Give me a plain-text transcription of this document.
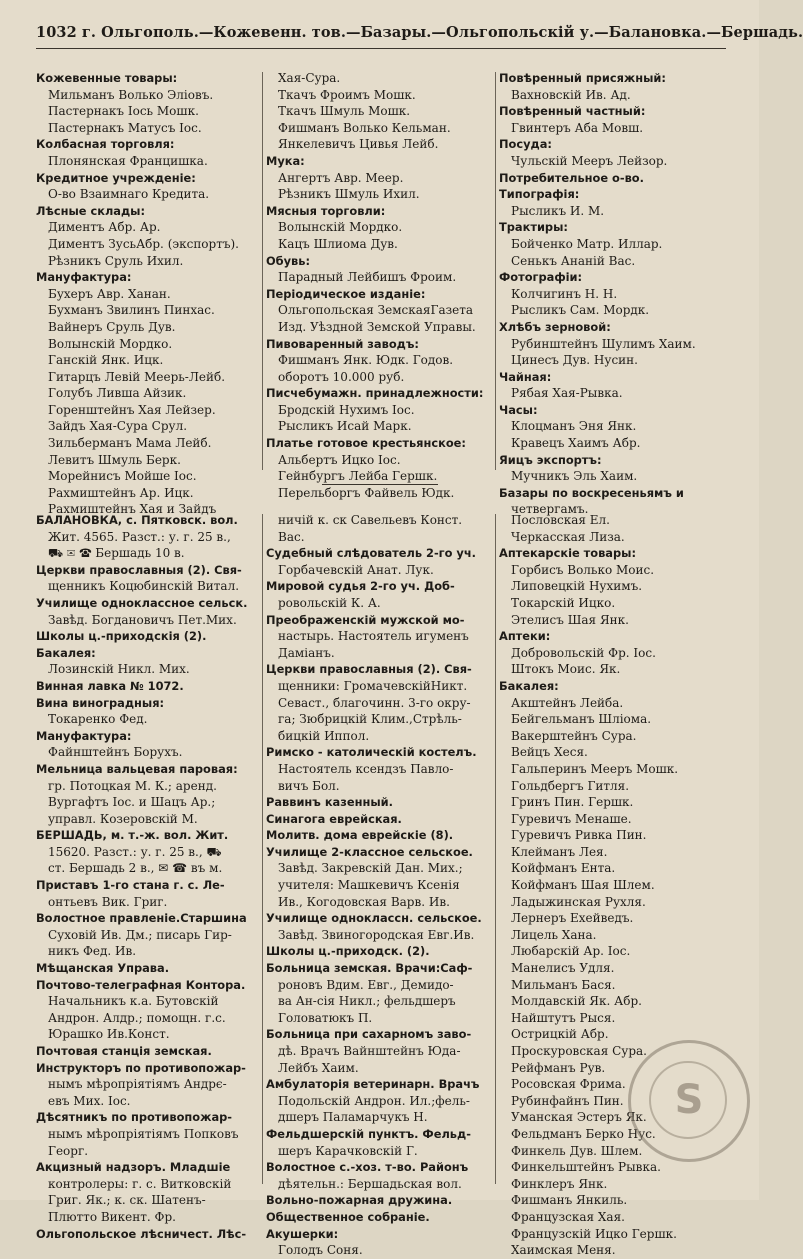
1032 г. Ольгополь.—Кожевенн. тов.—Базары.—Ольгопольскій у.—Балановка.—Бершадь.
Кожевенные товары:
Мильманъ Волько Эліовъ.
Пастернакъ Іось Мошк.
Пастернакъ Матусъ Іос.
Колбасная торговля:
Плонянская Францишка.
Кредитное учрежденіе:
О-во Взаимнаго Кредита.
Лѣсные склады:
Диментъ Абр. Ар.
Диментъ ЗусьАбр. (экспортъ).
Рѣзникъ Сруль Ихил.
Мануфактура:
Бухеръ Авр. Ханан.
Бухманъ Звилинъ Пинхас.
Вайнеръ Сруль Дув.
Волынскій Мордко.
Ганскій Янк. Ицк.
Гитарцъ Левій Меерь-Лейб.
Голубъ Ливша Айзик.
Горенштейнъ Хая Лейзер.
Зайдъ Хая-Сура Срул.
Зильберманъ Мама Лейб.
Левитъ Шмуль Берк.
Морейнисъ Мойше Іос.
Рахмиштейнъ Ар. Ицк.
Рахмиштейнъ Хая и Зайдъ
Хая-Сура.
Ткачъ Фроимъ Мошк.
Ткачъ Шмуль Мошк.
Фишманъ Волько Кельман.
Янкелевичъ Цивья Лейб.
Мука:
Ангертъ Авр. Меер.
Рѣзникъ Шмуль Ихил.
Мясныя торговли:
Волынскій Мордко.
Кацъ Шлиома Дув.
Обувь:
Парадный Лейбишъ Фроим.
Періодическое изданіе:
Ольгопольская ЗемскаяГазета
Изд. Уѣздной Земской Управы.
Пивоваренный заводъ:
Фишманъ Янк. Юдк. Годов.
оборотъ 10.000 руб.
Писчебумажн. принадлежности:
Бродскій Нухимъ Іос.
Рысликъ Исай Марк.
Платье готовое крестьянское:
Альбертъ Ицко Іос.
Гейнбургъ Лейба Гершк.
Перельборгъ Файвель Юдк.
Повѣренный присяжный:
Вахновскій Ив. Ад.
Повѣренный частный:
Гвинтеръ Аба Мовш.
Посуда:
Чульскій Мееръ Лейзор.
Потребительное о-во.
Типографія:
Рысликъ И. М.
Трактиры:
Бойченко Матр. Иллар.
Сенькъ Ананій Вас.
Фотографіи:
Колчигинъ Н. Н.
Рысликъ Сам. Мордк.
Хлѣбъ зерновой:
Рубинштейнъ Шулимъ Хаим.
Цинесъ Дув. Нусин.
Чайная:
Рябая Хая-Рывка.
Часы:
Клоцманъ Эня Янк.
Кравецъ Хаимъ Абр.
Яицъ экспортъ:
Мучникъ Эль Хаим.
Базары по воскресеньямъ и
четвергамъ.
БАЛАНОВКА, с. Пятковск. вол.
Жит. 4565. Разст.: у. г. 25 в.,
⛟ ✉ ☎ Бершадь 10 в.
Церкви православныя (2). Свя-
щенникъ Коцюбинскій Витал.
Училище одноклассное сельск.
Завѣд. Богдановичъ Пет.Мих.
Школы ц.-приходскія (2).
Бакалея:
Лозинскій Никл. Мих.
Винная лавка № 1072.
Вина виноградныя:
Токаренко Фед.
Мануфактура:
Файнштейнъ Борухъ.
Мельница вальцевая паровая:
гр. Потоцкая М. К.; аренд.
Вургафтъ Іос. и Шацъ Ар.;
управл. Козеровскій М.
БЕРШАДЬ, м. т.-ж. вол. Жит.
15620. Разст.: у. г. 25 в., ⛟
ст. Бершадь 2 в., ✉ ☎ въ м.
Приставъ 1-го стана г. с. Ле-
онтьевъ Вик. Григ.
Волостное правленіе.Старшина
Суховій Ив. Дм.; писарь Гир-
никъ Фед. Ив.
Мѣщанская Управа.
Почтово-телеграфная Контора.
Начальникъ к.а. Бутовскій
Андрон. Алдр.; помощн. г.с.
Юрашко Ив.Конст.
Почтовая станція земская.
Инструкторъ по противопожар-
нымъ мѣропріятіямъ Андрє-
евъ Мих. Іос.
Дѣсятникъ по противопожар-
нымъ мѣропріятіямъ Попковъ
Георг.
Акцизный надзоръ. Младшіе
контролеры: г. с. Витковскій
Григ. Як.; к. ск. Шатенъ-
Плютто Викент. Фр.
Ольгопольское лѣсничест. Лѣс-
ничій к. ск Савельевъ Конст.
Вас.
Судебный слѣдователь 2-го уч.
Горбачевскій Анат. Лук.
Мировой судья 2-го уч. Доб-
ровольскій К. А.
Преображенскій мужской мо-
настырь. Настоятель игуменъ
Даміанъ.
Церкви православныя (2). Свя-
щенники: ГромачевскійНикт.
Севаст., благочинн. 3-го окру-
га; Зюбрицкій Клим.,Стрѣль-
бицкій Иппол.
Римско - католическій костелъ.
Настоятель ксендзъ Павло-
вичъ Бол.
Раввинъ казенный.
Синагога еврейская.
Молитв. дома еврейскіе (8).
Училище 2-классное сельское.
Завѣд. Закревскій Дан. Мих.;
учителя: Машкевичъ Ксенія
Ив., Когодовская Варв. Ив.
Училище одноклассн. сельское.
Завѣд. Звиногородская Евг.Ив.
Школы ц.-приходск. (2).
Больница земская. Врачи:Саф-
роновъ Вдим. Евг., Демидо-
ва Ан-сія Никл.; фельдшеръ
Головатюкъ П.
Больница при сахарномъ заво-
дѣ. Врачъ Вайнштейнъ Юда-
Лейбъ Хаим.
Амбулаторія ветеринарн. Врачъ
Подольскій Андрон. Ил.;фель-
дшеръ Паламарчукъ Н.
Фельдшерскій пунктъ. Фельд-
шеръ Карачковскій Г.
Волостное с.-хоз. т-во. Районъ
дѣятельн.: Бершадьская вол.
Вольно-пожарная дружина.
Общественное собраніе.
Акушерки:
Голодъ Соня.
Пословская Ел.
Черкасская Лиза.
Аптекарскіе товары:
Горбисъ Волько Моис.
Липовецкій Нухимъ.
Токарскій Ицко.
Этелисъ Шая Янк.
Аптеки:
Добровольскій Фр. Іос.
Штокъ Моис. Як.
Бакалея:
Акштейнъ Лейба.
Бейгельманъ Шліома.
Вакерштейнъ Сура.
Вейцъ Хеся.
Гальперинъ Мееръ Мошк.
Гольдбергъ Гитля.
Гринъ Пин. Гершк.
Гуревичъ Менаше.
Гуревичъ Ривка Пин.
Клейманъ Лея.
Койфманъ Ента.
Койфманъ Шая Шлем.
Ладыжинская Рухля.
Лернеръ Ехейведъ.
Лицель Хана.
Любарскій Ар. Іос.
Манелисъ Удля.
Мильманъ Бася.
Молдавскій Як. Абр.
Найштутъ Рыся.
Острицкій Абр.
Проскуровская Сура.
Рейфманъ Рув.
Росовская Фрима.
Рубинфайнъ Пин.
Уманская Эстеръ Як.
Фельдманъ Берко Нус.
Финкель Дув. Шлем.
Финкельштейнъ Рывка.
Финклеръ Янк.
Фишманъ Янкиль.
Французская Хая.
Французскій Ицко Гершк.
Хаимская Меня.
S
